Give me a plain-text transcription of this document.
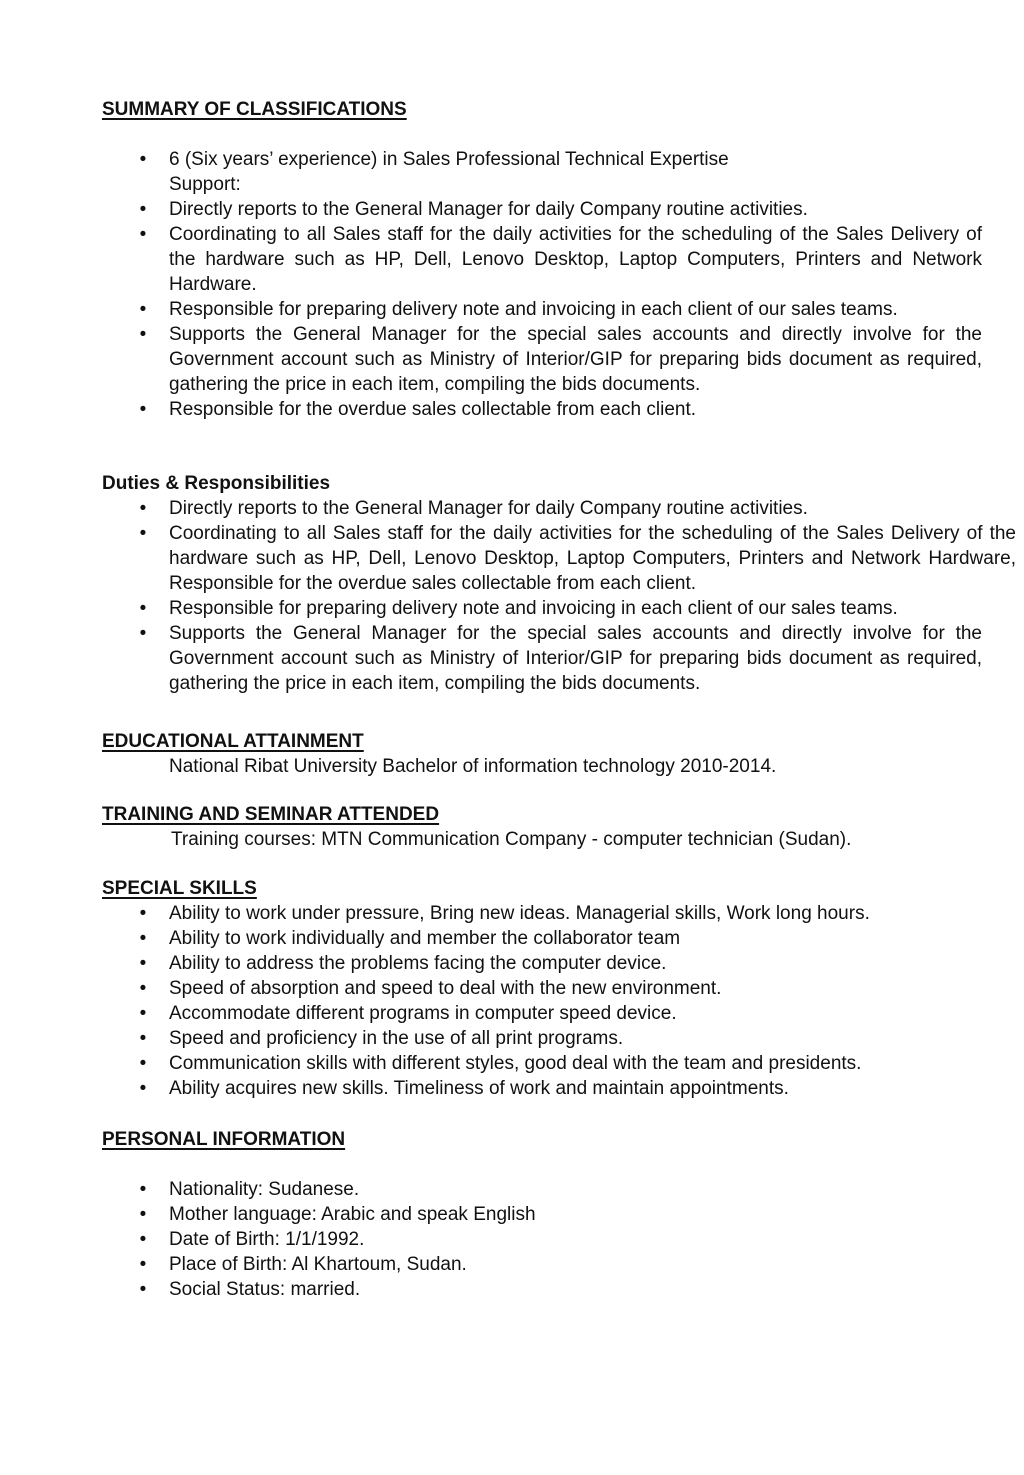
SUMMARY OF CLASSIFICATIONS
• 6 (Six years’ experience) in Sales Professional Technical Expertise
Support:
• Directly reports to the General Manager for daily Company routine activities.
• Coordinating to all Sales staff for the daily activities for the scheduling of the Sales Delivery of the hardware such as HP, Dell, Lenovo Desktop, Laptop Computers, Printers and Network Hardware.
• Responsible for preparing delivery note and invoicing in each client of our sales teams.
• Supports the General Manager for the special sales accounts and directly involve for the Government account such as Ministry of Interior/GIP for preparing bids document as required, gathering the price in each item, compiling the bids documents.
• Responsible for the overdue sales collectable from each client.
Duties & Responsibilities
• Directly reports to the General Manager for daily Company routine activities.
• Coordinating to all Sales staff for the daily activities for the scheduling of the Sales Delivery of the hardware such as HP, Dell, Lenovo Desktop, Laptop Computers, Printers and Network Hardware, Responsible for the overdue sales collectable from each client.
• Responsible for preparing delivery note and invoicing in each client of our sales teams.
• Supports the General Manager for the special sales accounts and directly involve for the Government account such as Ministry of Interior/GIP for preparing bids document as required, gathering the price in each item, compiling the bids documents.
EDUCATIONAL ATTAINMENT
National Ribat University Bachelor of information technology 2010-2014.
TRAINING AND SEMINAR ATTENDED
Training courses: MTN Communication Company - computer technician (Sudan).
SPECIAL SKILLS
• Ability to work under pressure, Bring new ideas. Managerial skills, Work long hours.
• Ability to work individually and member the collaborator team
• Ability to address the problems facing the computer device.
• Speed of absorption and speed to deal with the new environment.
• Accommodate different programs in computer speed device.
• Speed and proficiency in the use of all print programs.
• Communication skills with different styles, good deal with the team and presidents.
• Ability acquires new skills. Timeliness of work and maintain appointments.
PERSONAL INFORMATION
• Nationality: Sudanese.
• Mother language: Arabic and speak English
• Date of Birth: 1/1/1992.
• Place of Birth: Al Khartoum, Sudan.
• Social Status: married.
